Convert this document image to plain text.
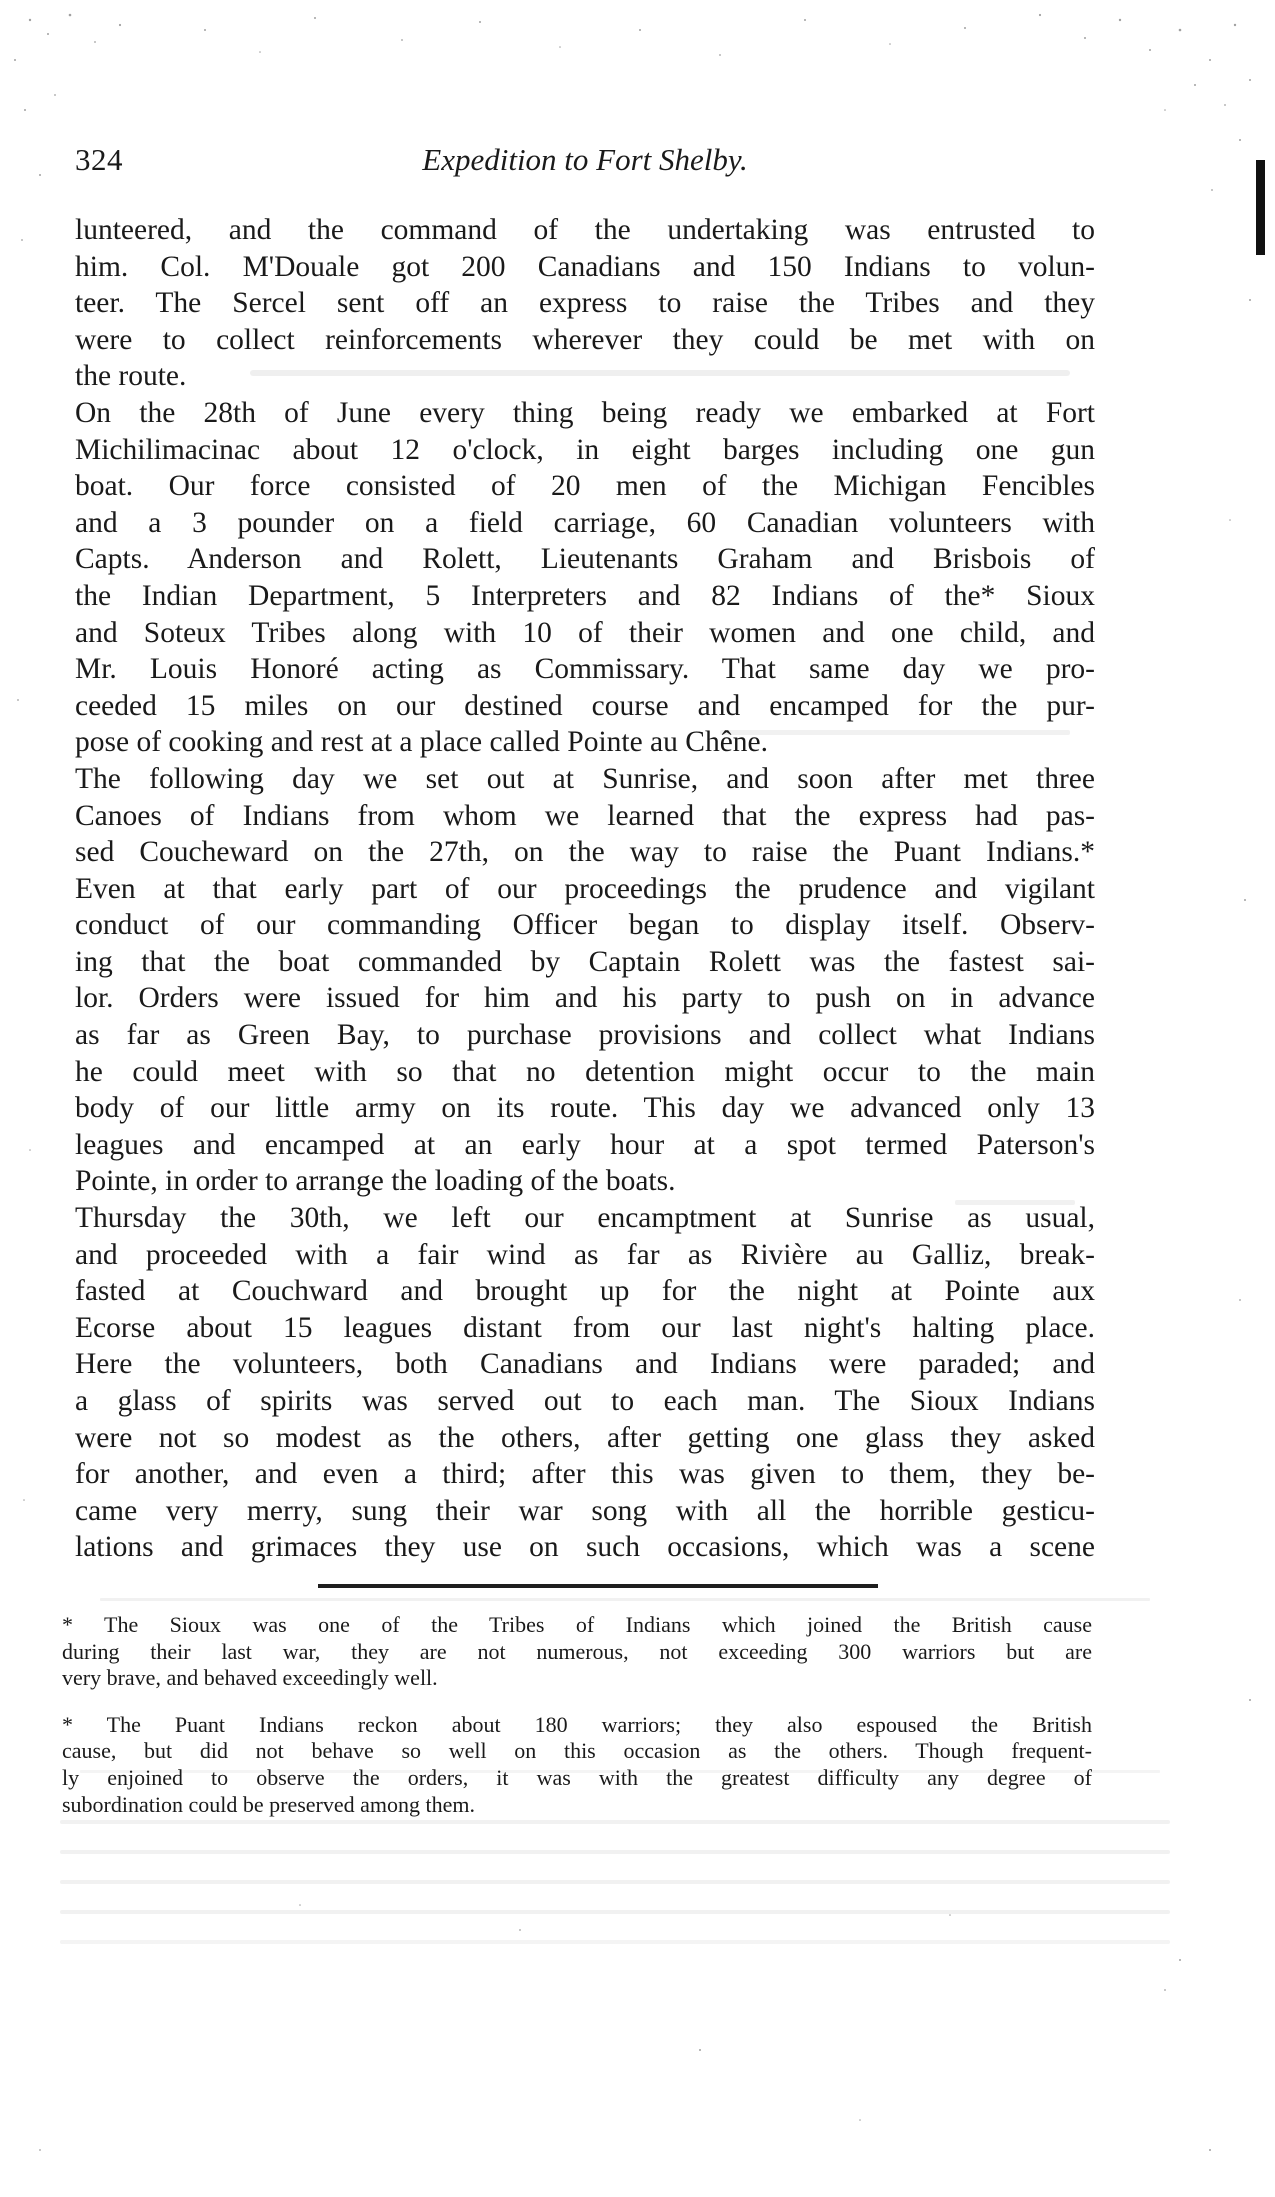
324	Expedition to Fort Shelby.
lunteered, and the command of the undertaking was entrusted to
him. Col. M'Douale got 200 Canadians and 150 Indians to volun-
teer. The Sercel sent off an express to raise the Tribes and they
were to collect reinforcements wherever they could be met with on
the route.
On the 28th of June every thing being ready we embarked at Fort
Michilimacinac about 12 o'clock, in eight barges including one gun
boat. Our force consisted of 20 men of the Michigan Fencibles
and a 3 pounder on a field carriage, 60 Canadian volunteers with
Capts. Anderson and Rolett, Lieutenants Graham and Brisbois of
the Indian Department, 5 Interpreters and 82 Indians of the* Sioux
and Soteux Tribes along with 10 of their women and one child, and
Mr. Louis Honoré acting as Commissary. That same day we pro-
ceeded 15 miles on our destined course and encamped for the pur-
pose of cooking and rest at a place called Pointe au Chêne.
The following day we set out at Sunrise, and soon after met three
Canoes of Indians from whom we learned that the express had pas-
sed Coucheward on the 27th, on the way to raise the Puant Indians.*
Even at that early part of our proceedings the prudence and vigilant
conduct of our commanding Officer began to display itself. Observ-
ing that the boat commanded by Captain Rolett was the fastest sai-
lor. Orders were issued for him and his party to push on in advance
as far as Green Bay, to purchase provisions and collect what Indians
he could meet with so that no detention might occur to the main
body of our little army on its route. This day we advanced only 13
leagues and encamped at an early hour at a spot termed Paterson's
Pointe, in order to arrange the loading of the boats.
Thursday the 30th, we left our encamptment at Sunrise as usual,
and proceeded with a fair wind as far as Rivière au Galliz, break-
fasted at Couchward and brought up for the night at Pointe aux
Ecorse about 15 leagues distant from our last night's halting place.
Here the volunteers, both Canadians and Indians were paraded; and
a glass of spirits was served out to each man. The Sioux Indians
were not so modest as the others, after getting one glass they asked
for another, and even a third; after this was given to them, they be-
came very merry, sung their war song with all the horrible gesticu-
lations and grimaces they use on such occasions, which was a scene
* The Sioux was one of the Tribes of Indians which joined the British cause
during their last war, they are not numerous, not exceeding 300 warriors but are
very brave, and behaved exceedingly well.
* The Puant Indians reckon about 180 warriors; they also espoused the British
cause, but did not behave so well on this occasion as the others. Though frequent-
ly enjoined to observe the orders, it was with the greatest difficulty any degree of
subordination could be preserved among them.
